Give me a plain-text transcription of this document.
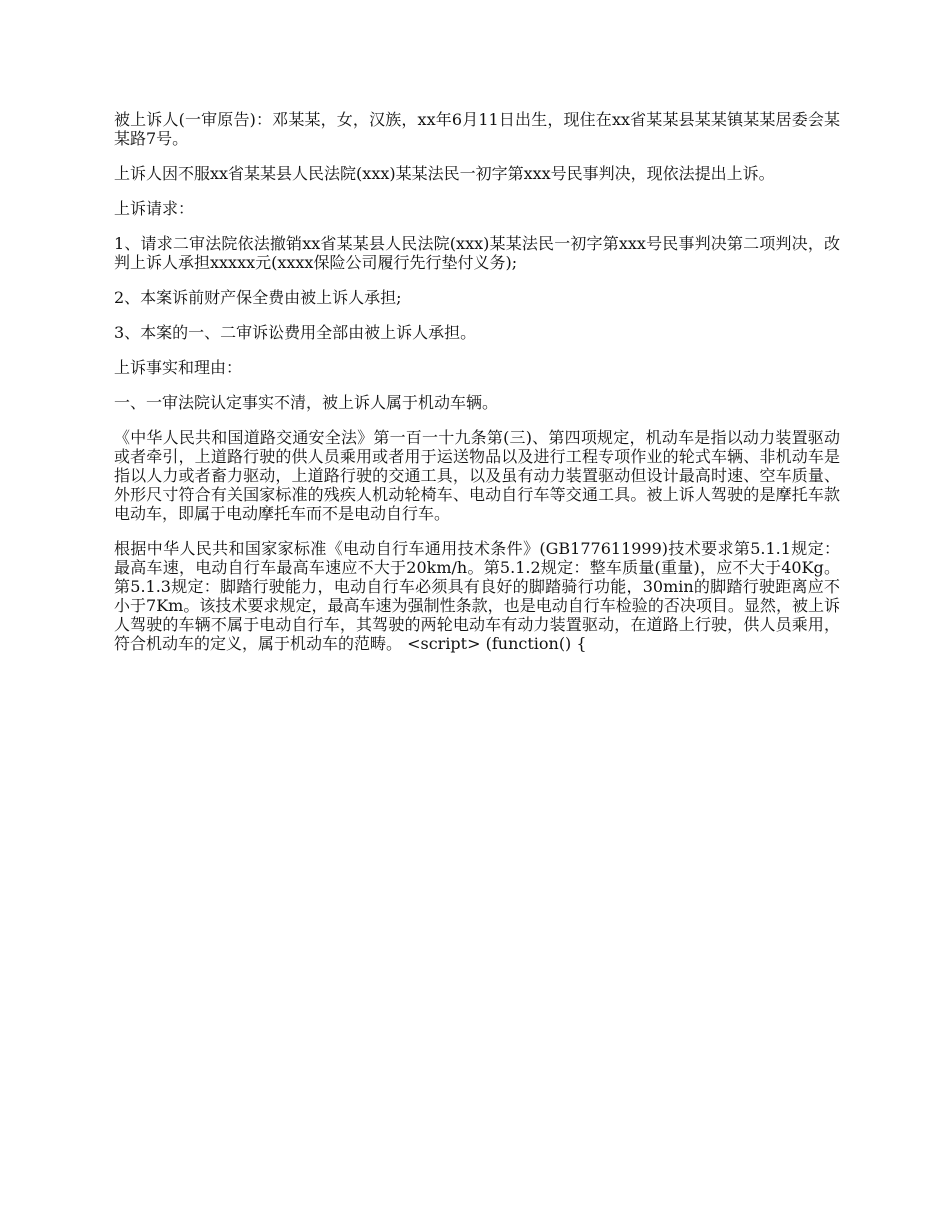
被上诉人(一审原告)：邓某某，女，汉族，xx年6月11日出生，现住在xx省某某县某某镇某某居委会某某路7号。

上诉人因不服xx省某某县人民法院(xxx)某某法民一初字第xxx号民事判决，现依法提出上诉。

上诉请求：

1、请求二审法院依法撤销xx省某某县人民法院(xxx)某某法民一初字第xxx号民事判决第二项判决，改判上诉人承担xxxxx元(xxxx保险公司履行先行垫付义务);

2、本案诉前财产保全费由被上诉人承担;

3、本案的一、二审诉讼费用全部由被上诉人承担。

上诉事实和理由：

一、一审法院认定事实不清，被上诉人属于机动车辆。

《中华人民共和国道路交通安全法》第一百一十九条第(三)、第四项规定，机动车是指以动力装置驱动或者牵引，上道路行驶的供人员乘用或者用于运送物品以及进行工程专项作业的轮式车辆、非机动车是指以人力或者畜力驱动，上道路行驶的交通工具，以及虽有动力装置驱动但设计最高时速、空车质量、外形尺寸符合有关国家标准的残疾人机动轮椅车、电动自行车等交通工具。被上诉人驾驶的是摩托车款电动车，即属于电动摩托车而不是电动自行车。

根据中华人民共和国家家标准《电动自行车通用技术条件》(GB177611999)技术要求第5.1.1规定：最高车速，电动自行车最高车速应不大于20km/h。第5.1.2规定：整车质量(重量)，应不大于40Kg。第5.1.3规定：脚踏行驶能力，电动自行车必须具有良好的脚踏骑行功能，30min的脚踏行驶距离应不小于7Km。该技术要求规定，最高车速为强制性条款，也是电动自行车检验的否决项目。显然，被上诉人驾驶的车辆不属于电动自行车，其驾驶的两轮电动车有动力装置驱动，在道路上行驶，供人员乘用，符合机动车的定义，属于机动车的范畴。 <script> (function() {
